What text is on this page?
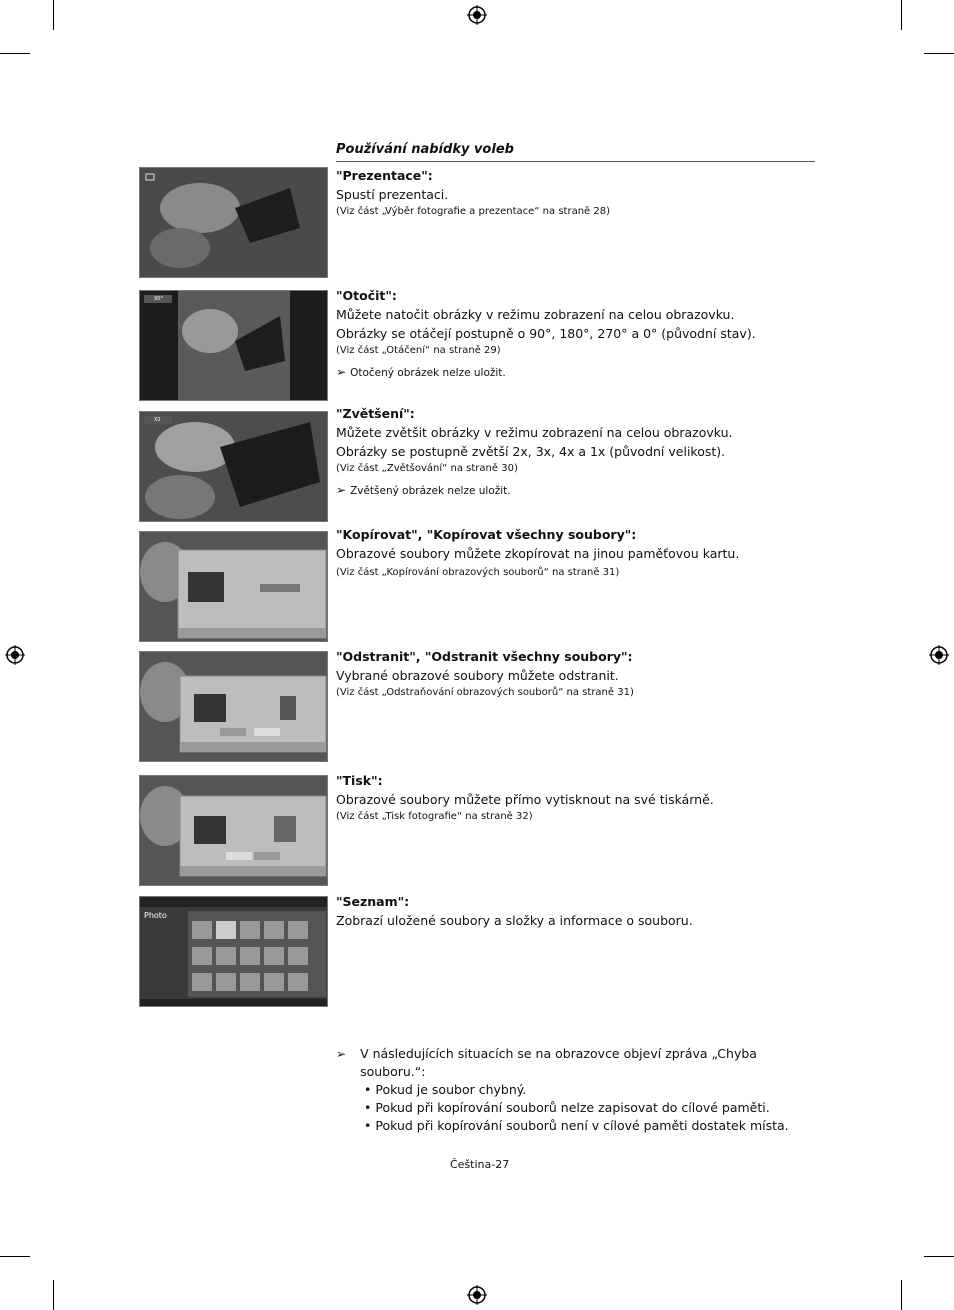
Používání nabídky voleb
90°
X2
Photo
"Prezentace":
Spustí prezentaci.
(Viz část „Výběr fotografie a prezentace“ na straně 28)
"Otočit":
Můžete natočit obrázky v režimu zobrazení na celou obrazovku.
Obrázky se otáčejí postupně o 90°, 180°, 270° a 0° (původní stav).
(Viz část „Otáčení“ na straně 29)
➢ Otočený obrázek nelze uložit.
"Zvětšení":
Můžete zvětšit obrázky v režimu zobrazení na celou obrazovku.
Obrázky se postupně zvětší 2x, 3x, 4x a 1x (původní velikost).
(Viz část „Zvětšování“ na straně 30)
➢ Zvětšený obrázek nelze uložit.
"Kopírovat", "Kopírovat všechny soubory":
Obrazové soubory můžete zkopírovat na jinou paměťovou kartu.
(Viz část „Kopírování obrazových souborů“ na straně 31)
"Odstranit", "Odstranit všechny soubory":
Vybrané obrazové soubory můžete odstranit.
(Viz část „Odstraňování obrazových souborů“ na straně 31)
"Tisk":
Obrazové soubory můžete přímo vytisknout na své tiskárně.
(Viz část „Tisk fotografie“ na straně 32)
"Seznam":
Zobrazí uložené soubory a složky a informace o souboru.
➢ V následujících situacích se na obrazovce objeví zpráva „Chyba souboru.“:
• Pokud je soubor chybný.
• Pokud při kopírování souborů nelze zapisovat do cílové paměti.
• Pokud při kopírování souborů není v cílové paměti dostatek místa.
Čeština-27
